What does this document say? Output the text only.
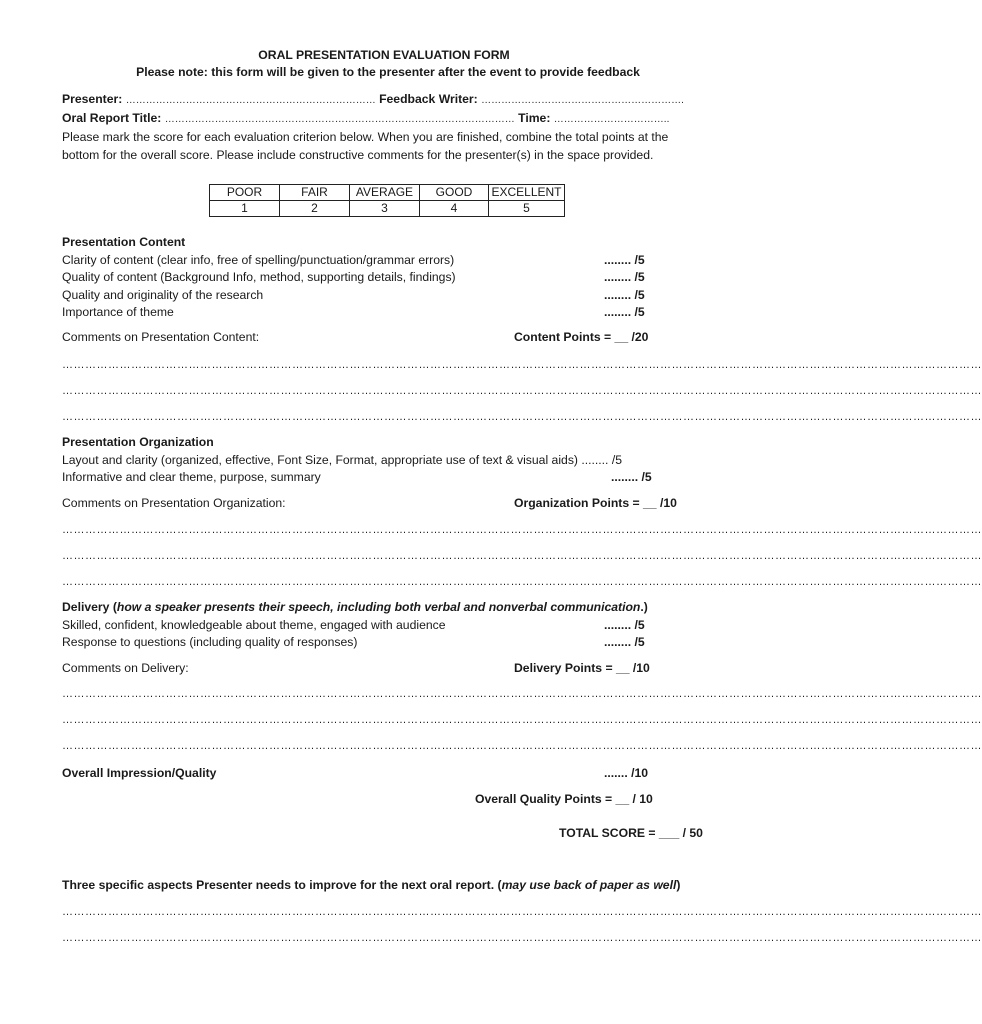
ORAL PRESENTATION EVALUATION FORM
Please note: this form will be given to the presenter after the event to provide feedback
Presenter: ………………………………………………………………… Feedback Writer: …………………………………………………….
Oral Report Title: …………………………………………………………………………………………… Time: ……………………………..
Please mark the score for each evaluation criterion below. When you are finished, combine the total points at the
bottom for the overall score. Please include constructive comments for the presenter(s) in the space provided.
POOR	FAIR	AVERAGE	GOOD	EXCELLENT
1	2	3	4	5
Presentation Content
Clarity of content (clear info, free of spelling/punctuation/grammar errors)	........ /5
Quality of content (Background Info, method, supporting details, findings)	........ /5
Quality and originality of the research	........ /5
Importance of theme	........ /5
Comments on Presentation Content:	Content Points = __ /20
……………………………………………………………………………………………………………………………………………………………………………………………………………………
……………………………………………………………………………………………………………………………………………………………………………………………………………………
……………………………………………………………………………………………………………………………………………………………………………………………………………………
Presentation Organization
Layout and clarity (organized, effective, Font Size, Format, appropriate use of text & visual aids) ........ /5
Informative and clear theme, purpose, summary	........ /5
Comments on Presentation Organization:	Organization Points = __ /10
……………………………………………………………………………………………………………………………………………………………………………………………………………………
……………………………………………………………………………………………………………………………………………………………………………………………………………………
……………………………………………………………………………………………………………………………………………………………………………………………………………………
Delivery (how a speaker presents their speech, including both verbal and nonverbal communication.)
Skilled, confident, knowledgeable about theme, engaged with audience	........ /5
Response to questions (including quality of responses)	........ /5
Comments on Delivery:	Delivery Points = __ /10
……………………………………………………………………………………………………………………………………………………………………………………………………………………
……………………………………………………………………………………………………………………………………………………………………………………………………………………
……………………………………………………………………………………………………………………………………………………………………………………………………………………
Overall Impression/Quality	....... /10
Overall Quality Points = __ / 10
TOTAL SCORE = ___ / 50
Three specific aspects Presenter needs to improve for the next oral report. (may use back of paper as well)
……………………………………………………………………………………………………………………………………………………………………………………………………………………
……………………………………………………………………………………………………………………………………………………………………………………………………………………
